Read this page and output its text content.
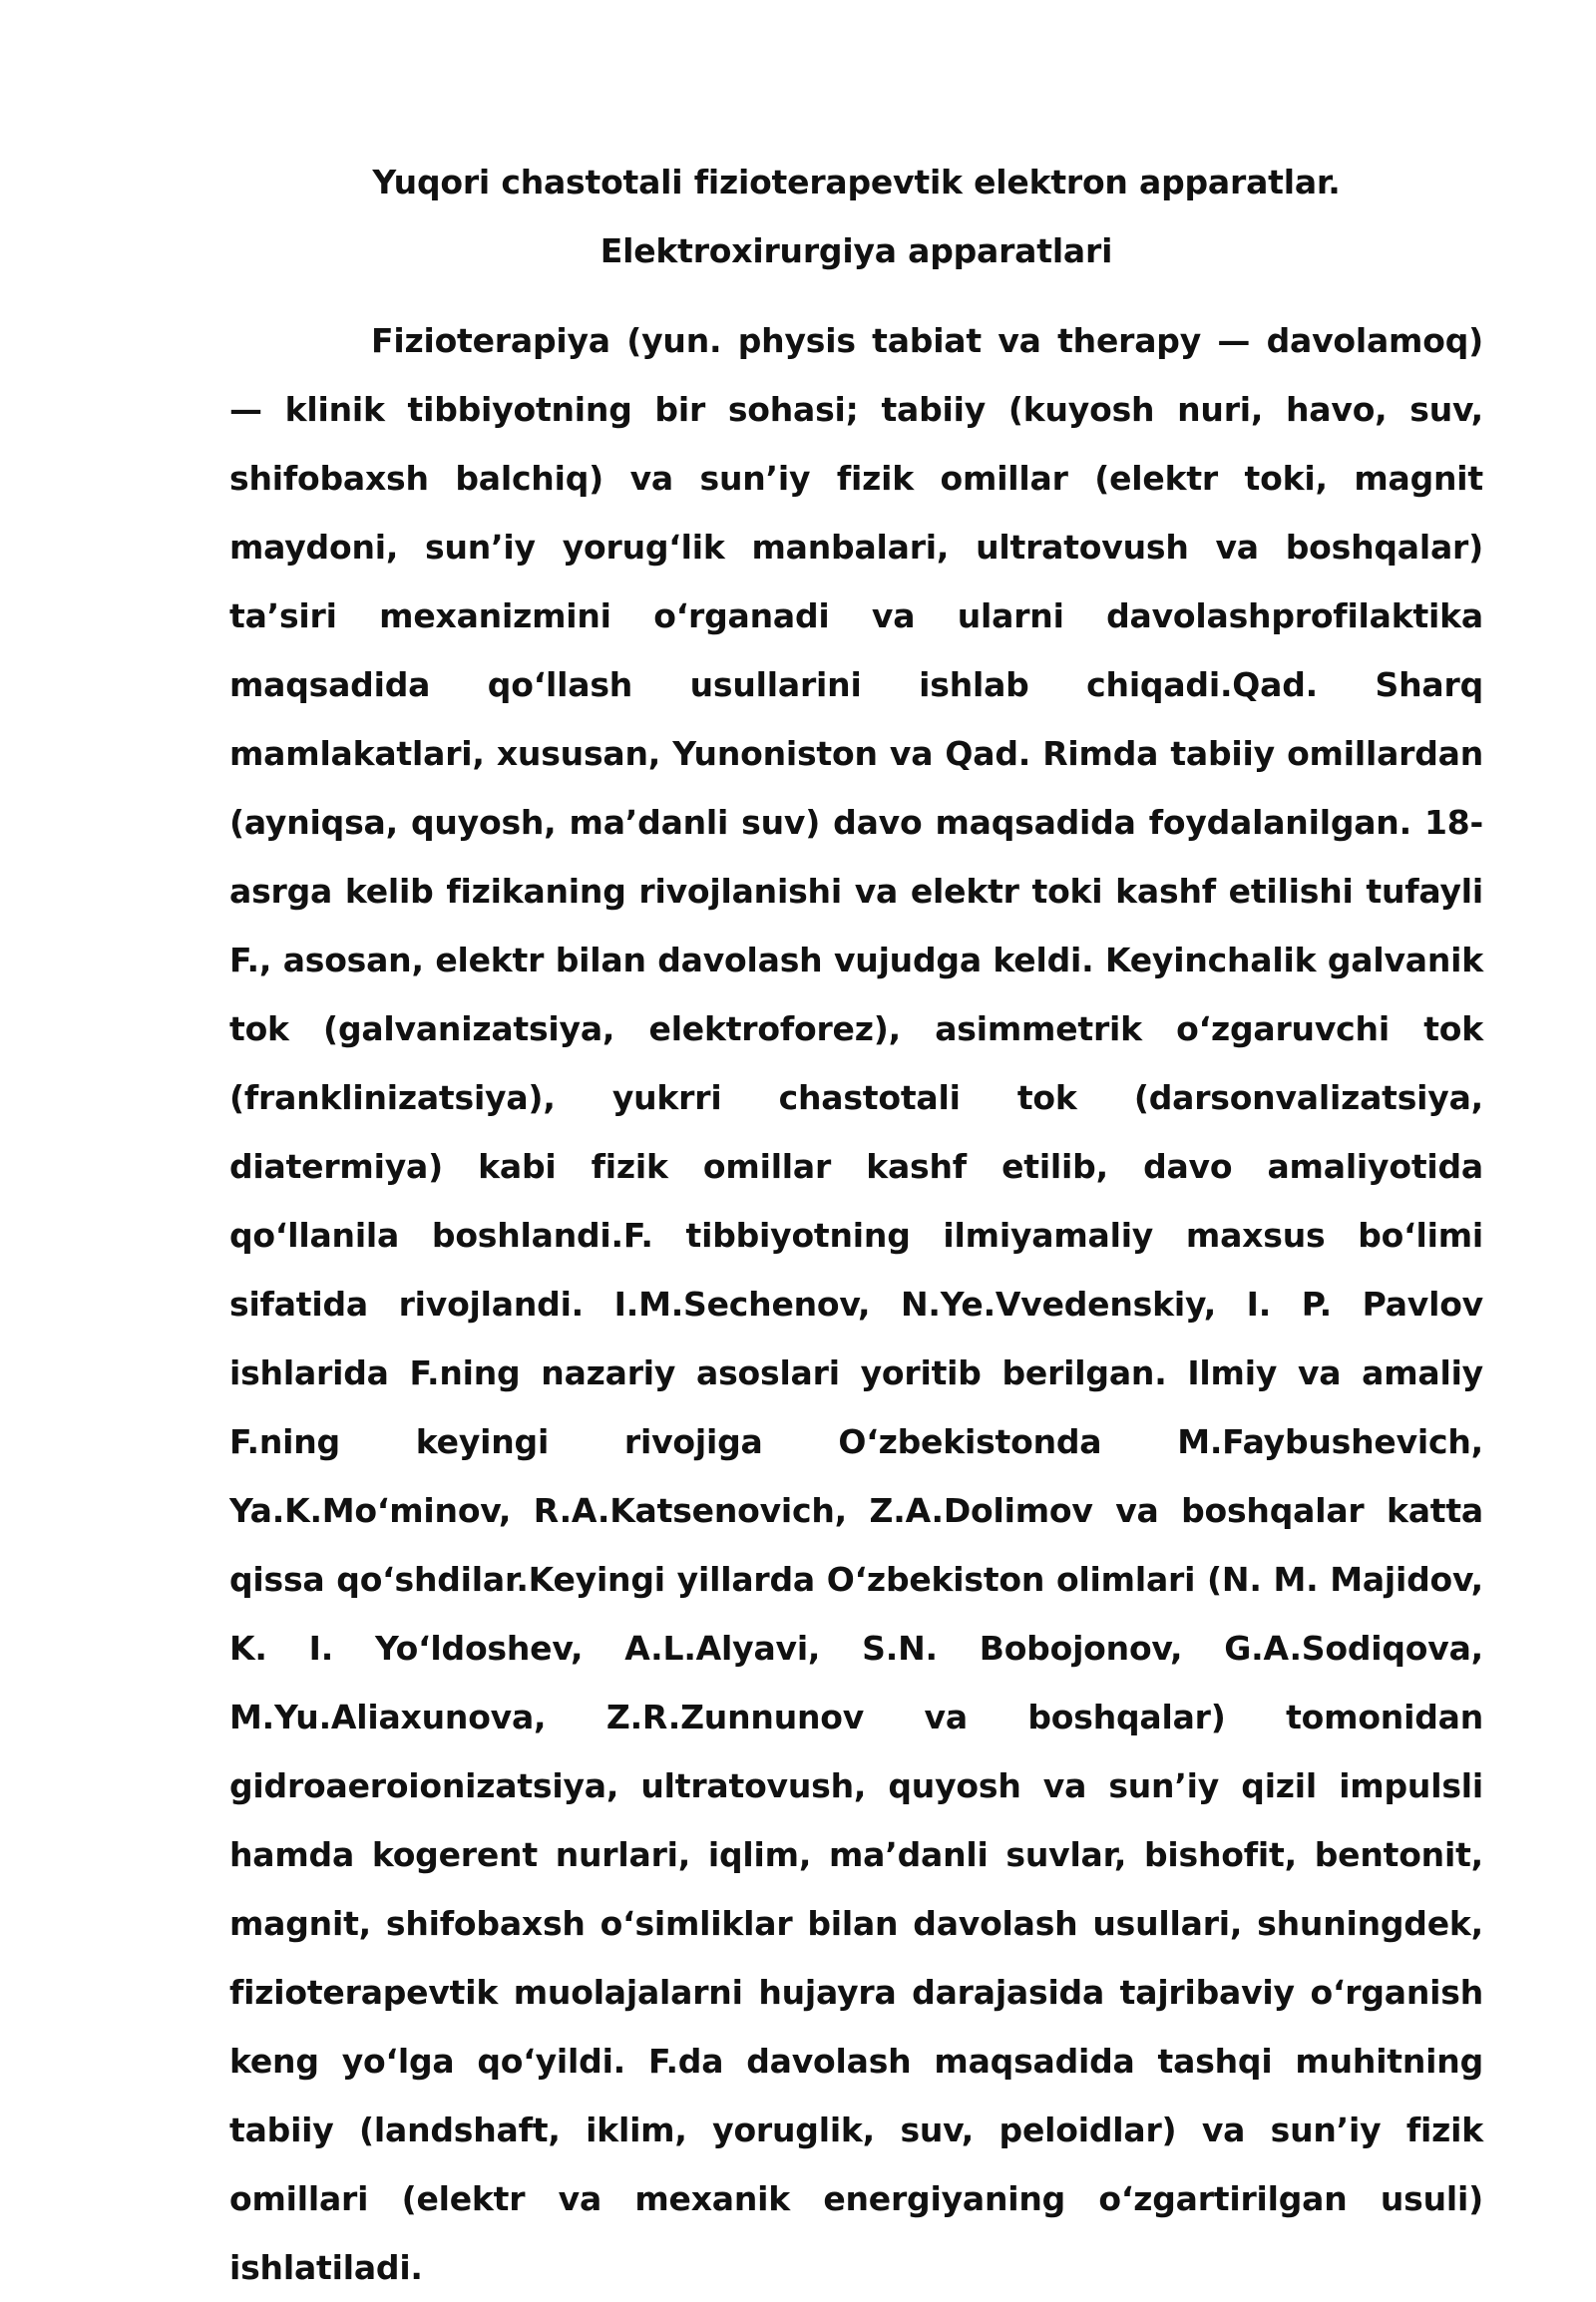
Yuqori chastotali fizioterapevtik elektron apparatlar. Elektroxirurgiya apparatlari

Fizioterapiya (yun. physis tabiat va therapy — davolamoq) — klinik tibbiyotning bir sohasi; tabiiy (kuyosh nuri, havo, suv, shifobaxsh balchiq) va sun’iy fizik omillar (elektr toki, magnit maydoni, sun’iy yorugʻlik manbalari, ultratovush va boshqalar) ta’siri mexanizmini oʻrganadi va ularni davolashprofilaktika maqsadida qoʻllash usullarini ishlab chiqadi.Qad. Sharq mamlakatlari, xususan, Yunoniston va Qad. Rimda tabiiy omillardan (ayniqsa, quyosh, ma’danli suv) davo maqsadida foydalanilgan. 18-asrga kelib fizikaning rivojlanishi va elektr toki kashf etilishi tufayli F., asosan, elektr bilan davolash vujudga keldi. Keyinchalik galvanik tok (galvanizatsiya, elektroforez), asimmetrik oʻzgaruvchi tok (franklinizatsiya), yukrri chastotali tok (darsonvalizatsiya, diatermiya) kabi fizik omillar kashf etilib, davo amaliyotida qoʻllanila boshlandi.F. tibbiyotning ilmiyamaliy maxsus boʻlimi sifatida rivojlandi. I.M.Sechenov, N.Ye.Vvedenskiy, I. P. Pavlov ishlarida F.ning nazariy asoslari yoritib berilgan. Ilmiy va amaliy F.ning keyingi rivojiga Oʻzbekistonda M.Faybushevich, Ya.K.Moʻminov, R.A.Katsenovich, Z.A.Dolimov va boshqalar katta qissa qoʻshdilar.Keyingi yillarda Oʻzbekiston olimlari (N. M. Majidov, K. I. Yoʻldoshev, A.L.Alyavi, S.N. Bobojonov, G.A.Sodiqova, M.Yu.Aliaxunova, Z.R.Zunnunov va boshqalar) tomonidan gidroaeroionizatsiya, ultratovush, quyosh va sun’iy qizil impulsli hamda kogerent nurlari, iqlim, ma’danli suvlar, bishofit, bentonit, magnit, shifobaxsh oʻsimliklar bilan davolash usullari, shuningdek, fizioterapevtik muolajalarni hujayra darajasida tajribaviy oʻrganish keng yoʻlga qoʻyildi. F.da davolash maqsadida tashqi muhitning tabiiy (landshaft, iklim, yoruglik, suv, peloidlar) va sun’iy fizik omillari (elektr va mexanik energiyaning oʻzgartirilgan usuli) ishlatiladi.
